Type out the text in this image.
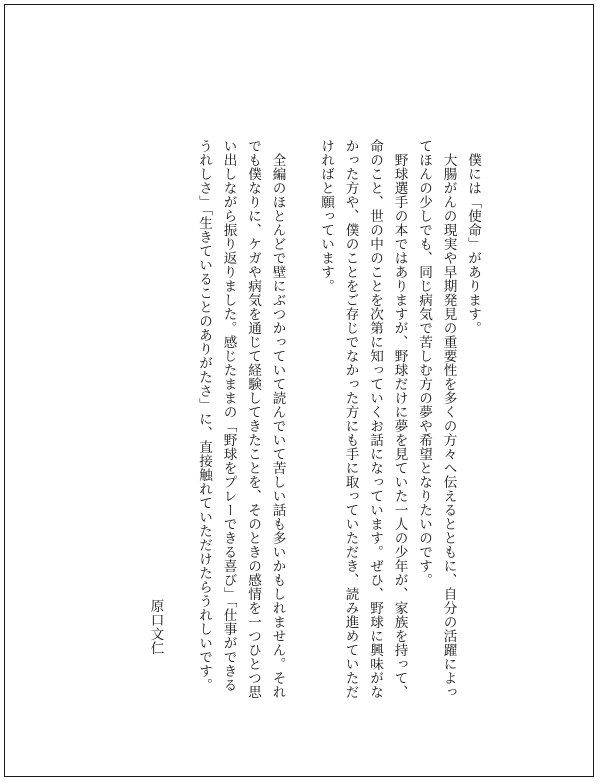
僕には「使命」があります。

大腸がんの現実や早期発見の重要性を多くの方々へ伝えるとともに、自分の活躍によってほんの少しでも、同じ病気で苦しむ方の夢や希望となりたいのです。

野球選手の本ではありますが、野球だけに夢を見ていた一人の少年が、家族を持って、命のこと、世の中のことを次第に知っていくお話になっています。ぜひ、野球に興味がなかった方や、僕のことをご存じでなかった方にも手に取っていただき、読み進めていただければと願っています。

全編のほとんどで壁にぶつかっていて読んでいて苦しい話も多いかもしれません。それでも僕なりに、ケガや病気を通じて経験してきたことを、そのときの感情を一つひとつ思い出しながら振り返りました。感じたままの「野球をプレーできる喜び」「仕事ができるうれしさ」「生きていることのありがたさ」に、直接触れていただけたらうれしいです。

原口文仁
